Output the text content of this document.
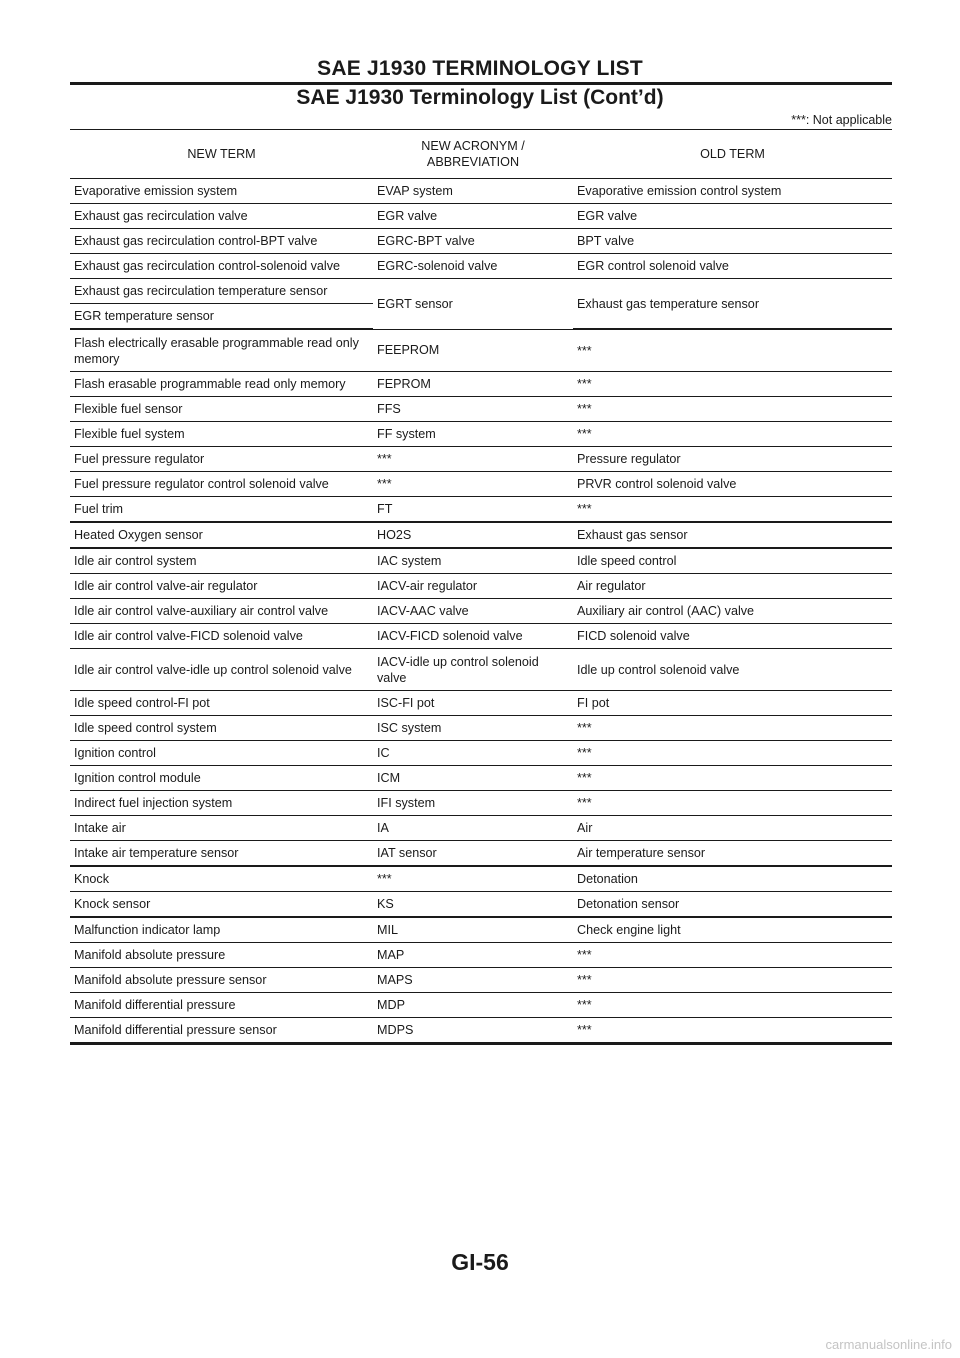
SAE J1930 TERMINOLOGY LIST
SAE J1930 Terminology List (Cont’d)
***: Not applicable
NEW TERM	NEW ACRONYM /
ABBREVIATION	OLD TERM
Evaporative emission system	EVAP system	Evaporative emission control system
Exhaust gas recirculation valve	EGR valve	EGR valve
Exhaust gas recirculation control-BPT valve	EGRC-BPT valve	BPT valve
Exhaust gas recirculation control-solenoid valve	EGRC-solenoid valve	EGR control solenoid valve
Exhaust gas recirculation temperature sensor	EGRT sensor	Exhaust gas temperature sensor
EGR temperature sensor		
Flash electrically erasable programmable read only memory	FEEPROM	***
Flash erasable programmable read only memory	FEPROM	***
Flexible fuel sensor	FFS	***
Flexible fuel system	FF system	***
Fuel pressure regulator	***	Pressure regulator
Fuel pressure regulator control solenoid valve	***	PRVR control solenoid valve
Fuel trim	FT	***
Heated Oxygen sensor	HO2S	Exhaust gas sensor
Idle air control system	IAC system	Idle speed control
Idle air control valve-air regulator	IACV-air regulator	Air regulator
Idle air control valve-auxiliary air control valve	IACV-AAC valve	Auxiliary air control (AAC) valve
Idle air control valve-FICD solenoid valve	IACV-FICD solenoid valve	FICD solenoid valve
Idle air control valve-idle up control solenoid valve	IACV-idle up control solenoid valve	Idle up control solenoid valve
Idle speed control-FI pot	ISC-FI pot	FI pot
Idle speed control system	ISC system	***
Ignition control	IC	***
Ignition control module	ICM	***
Indirect fuel injection system	IFI system	***
Intake air	IA	Air
Intake air temperature sensor	IAT sensor	Air temperature sensor
Knock	***	Detonation
Knock sensor	KS	Detonation sensor
Malfunction indicator lamp	MIL	Check engine light
Manifold absolute pressure	MAP	***
Manifold absolute pressure sensor	MAPS	***
Manifold differential pressure	MDP	***
Manifold differential pressure sensor	MDPS	***
GI-56
carmanualsonline.info
